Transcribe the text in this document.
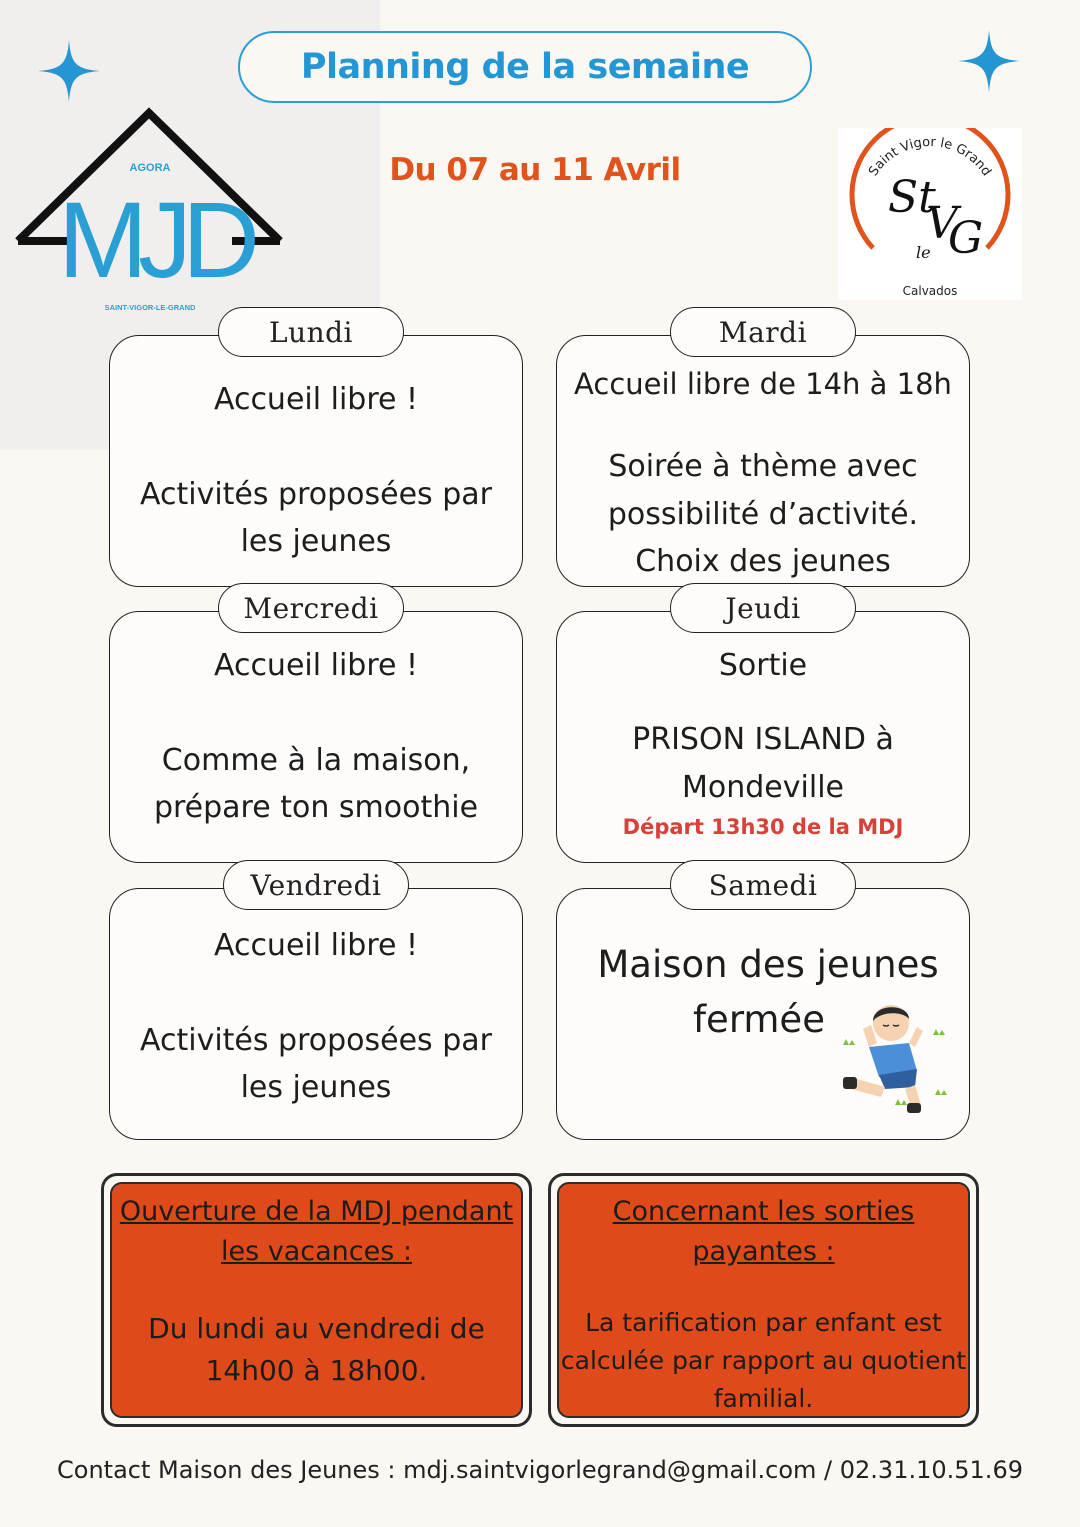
Planning de la semaine
Du 07 au 11 Avril
AGORA
MJD
SAINT-VIGOR-LE-GRAND
Saint Vigor le Grand
St
V
le G
Calvados
Accueil libre !
Activités proposées par
les jeunes
Lundi
Accueil libre de 14h à 18h
Soirée à thème avec
possibilité d’activité.
Choix des jeunes
Mardi
Accueil libre !
Comme à la maison,
prépare ton smoothie
Mercredi
Sortie
PRISON ISLAND à
Mondeville
Départ 13h30 de la MDJ
Jeudi
Accueil libre !
Activités proposées par
les jeunes
Vendredi
Maison des jeunes
fermée
Samedi
Ouverture de la MDJ pendant
les vacances :
Du lundi au vendredi de
14h00 à 18h00.
Concernant les sorties
payantes :
La tarification par enfant est
calculée par rapport au quotient
familial.
Contact Maison des Jeunes : mdj.saintvigorlegrand@gmail.com / 02.31.10.51.69
